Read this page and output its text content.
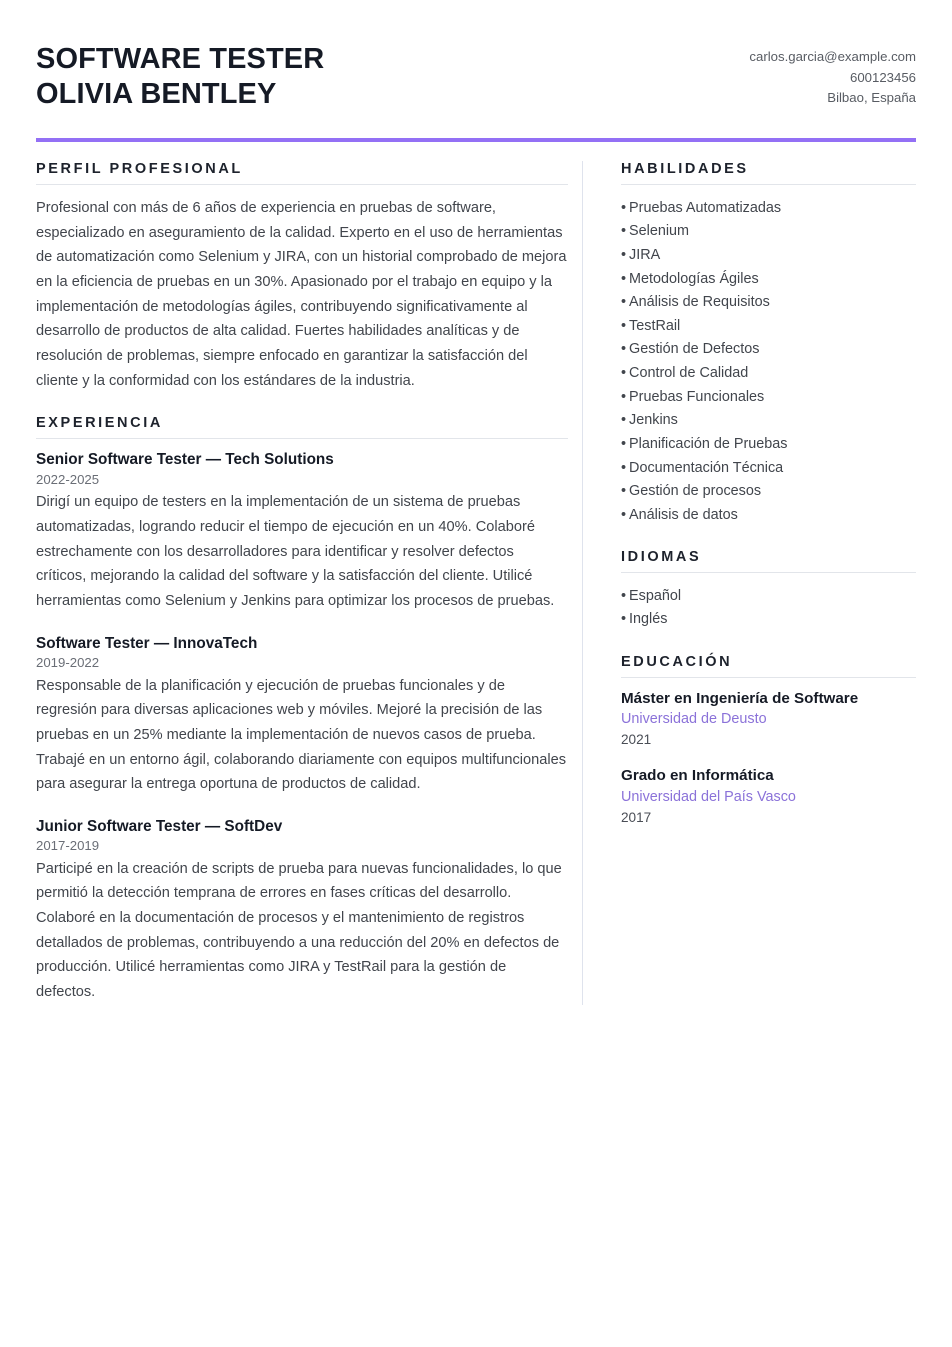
SOFTWARE TESTER
OLIVIA BENTLEY
carlos.garcia@example.com
600123456
Bilbao, España
PERFIL PROFESIONAL

Profesional con más de 6 años de experiencia en pruebas de software, especializado en aseguramiento de la calidad. Experto en el uso de herramientas de automatización como Selenium y JIRA, con un historial comprobado de mejora en la eficiencia de pruebas en un 30%. Apasionado por el trabajo en equipo y la implementación de metodologías ágiles, contribuyendo significativamente al desarrollo de productos de alta calidad. Fuertes habilidades analíticas y de resolución de problemas, siempre enfocado en garantizar la satisfacción del cliente y la conformidad con los estándares de la industria.

EXPERIENCIA
Senior Software Tester — Tech Solutions
2022-2025

Dirigí un equipo de testers en la implementación de un sistema de pruebas automatizadas, logrando reducir el tiempo de ejecución en un 40%. Colaboré estrechamente con los desarrolladores para identificar y resolver defectos críticos, mejorando la calidad del software y la satisfacción del cliente. Utilicé herramientas como Selenium y Jenkins para optimizar los procesos de pruebas.

Software Tester — InnovaTech
2019-2022

Responsable de la planificación y ejecución de pruebas funcionales y de regresión para diversas aplicaciones web y móviles. Mejoré la precisión de las pruebas en un 25% mediante la implementación de nuevos casos de prueba. Trabajé en un entorno ágil, colaborando diariamente con equipos multifuncionales para asegurar la entrega oportuna de productos de calidad.

Junior Software Tester — SoftDev
2017-2019

Participé en la creación de scripts de prueba para nuevas funcionalidades, lo que permitió la detección temprana de errores en fases críticas del desarrollo. Colaboré en la documentación de procesos y el mantenimiento de registros detallados de problemas, contribuyendo a una reducción del 20% en defectos de producción. Utilicé herramientas como JIRA y TestRail para la gestión de defectos.

HABILIDADES
• Pruebas Automatizadas
• Selenium
• JIRA
• Metodologías Ágiles
• Análisis de Requisitos
• TestRail
• Gestión de Defectos
• Control de Calidad
• Pruebas Funcionales
• Jenkins
• Planificación de Pruebas
• Documentación Técnica
• Gestión de procesos
• Análisis de datos
IDIOMAS
• Español
• Inglés
EDUCACIÓN
Máster en Ingeniería de Software
Universidad de Deusto
2021
Grado en Informática
Universidad del País Vasco
2017
